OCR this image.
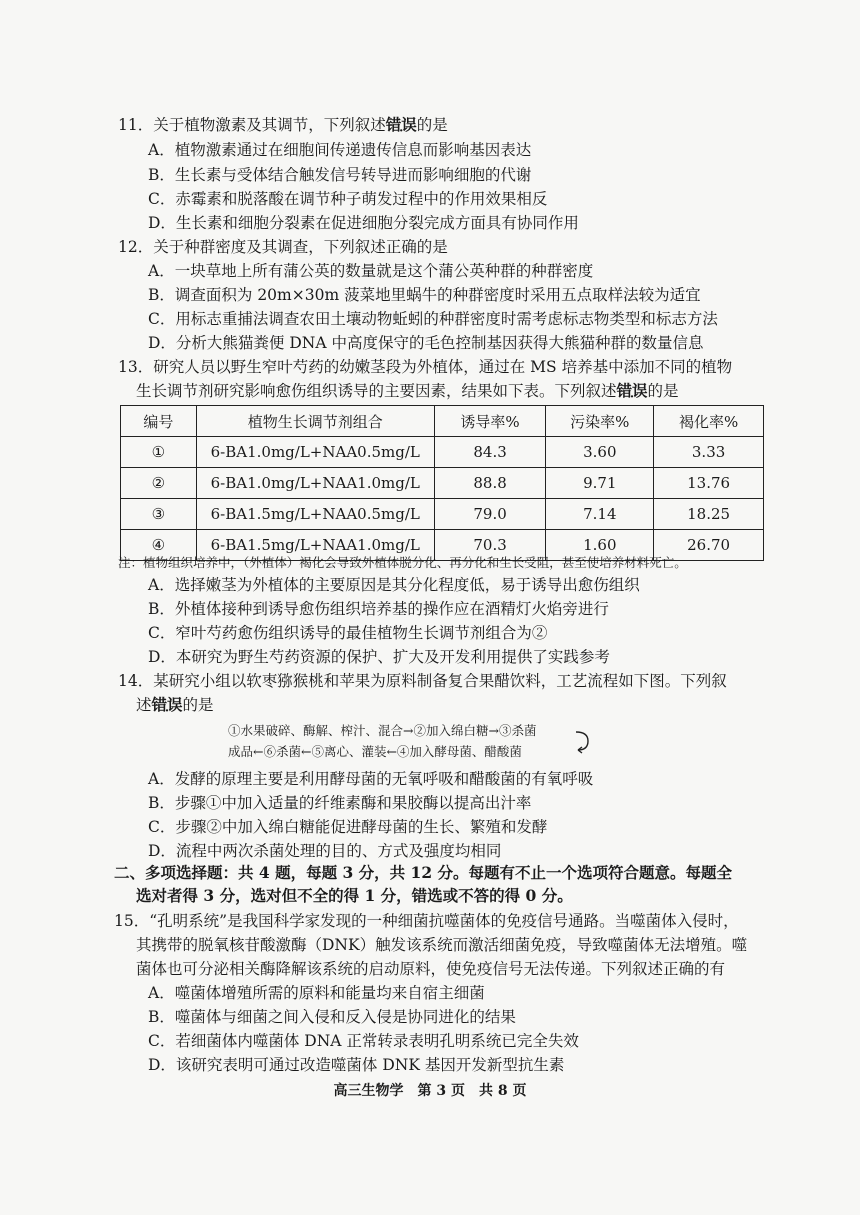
11．关于植物激素及其调节，下列叙述错误的是
A．植物激素通过在细胞间传递遗传信息而影响基因表达
B．生长素与受体结合触发信号转导进而影响细胞的代谢
C．赤霉素和脱落酸在调节种子萌发过程中的作用效果相反
D．生长素和细胞分裂素在促进细胞分裂完成方面具有协同作用
12．关于种群密度及其调查，下列叙述正确的是
A．一块草地上所有蒲公英的数量就是这个蒲公英种群的种群密度
B．调查面积为 20m×30m 菠菜地里蜗牛的种群密度时采用五点取样法较为适宜
C．用标志重捕法调查农田土壤动物蚯蚓的种群密度时需考虑标志物类型和标志方法
D．分析大熊猫粪便 DNA 中高度保守的毛色控制基因获得大熊猫种群的数量信息
13．研究人员以野生窄叶芍药的幼嫩茎段为外植体，通过在 MS 培养基中添加不同的植物
生长调节剂研究影响愈伤组织诱导的主要因素，结果如下表。下列叙述错误的是
编号	植物生长调节剂组合	诱导率%	污染率%	褐化率%
①	6-BA1.0mg/L+NAA0.5mg/L	84.3	3.60	3.33
②	6-BA1.0mg/L+NAA1.0mg/L	88.8	9.71	13.76
③	6-BA1.5mg/L+NAA0.5mg/L	79.0	7.14	18.25
④	6-BA1.5mg/L+NAA1.0mg/L	70.3	1.60	26.70
注：植物组织培养中，（外植体）褐化会导致外植体脱分化、再分化和生长受阻，甚至使培养材料死亡。
A．选择嫩茎为外植体的主要原因是其分化程度低，易于诱导出愈伤组织
B．外植体接种到诱导愈伤组织培养基的操作应在酒精灯火焰旁进行
C．窄叶芍药愈伤组织诱导的最佳植物生长调节剂组合为②
D．本研究为野生芍药资源的保护、扩大及开发利用提供了实践参考
14．某研究小组以软枣猕猴桃和苹果为原料制备复合果醋饮料，工艺流程如下图。下列叙
述错误的是
①水果破碎、酶解、榨汁、混合→②加入绵白糖→③杀菌
成品←⑥杀菌←⑤离心、灌装←④加入酵母菌、醋酸菌
A．发酵的原理主要是利用酵母菌的无氧呼吸和醋酸菌的有氧呼吸
B．步骤①中加入适量的纤维素酶和果胶酶以提高出汁率
C．步骤②中加入绵白糖能促进酵母菌的生长、繁殖和发酵
D．流程中两次杀菌处理的目的、方式及强度均相同
二、多项选择题：共 4 题，每题 3 分，共 12 分。每题有不止一个选项符合题意。每题全
选对者得 3 分，选对但不全的得 1 分，错选或不答的得 0 分。
15．“孔明系统”是我国科学家发现的一种细菌抗噬菌体的免疫信号通路。当噬菌体入侵时，
其携带的脱氧核苷酸激酶（DNK）触发该系统而激活细菌免疫，导致噬菌体无法增殖。噬
菌体也可分泌相关酶降解该系统的启动原料，使免疫信号无法传递。下列叙述正确的有
A．噬菌体增殖所需的原料和能量均来自宿主细菌
B．噬菌体与细菌之间入侵和反入侵是协同进化的结果
C．若细菌体内噬菌体 DNA 正常转录表明孔明系统已完全失效
D．该研究表明可通过改造噬菌体 DNK 基因开发新型抗生素
高三生物学　第 3 页　共 8 页
